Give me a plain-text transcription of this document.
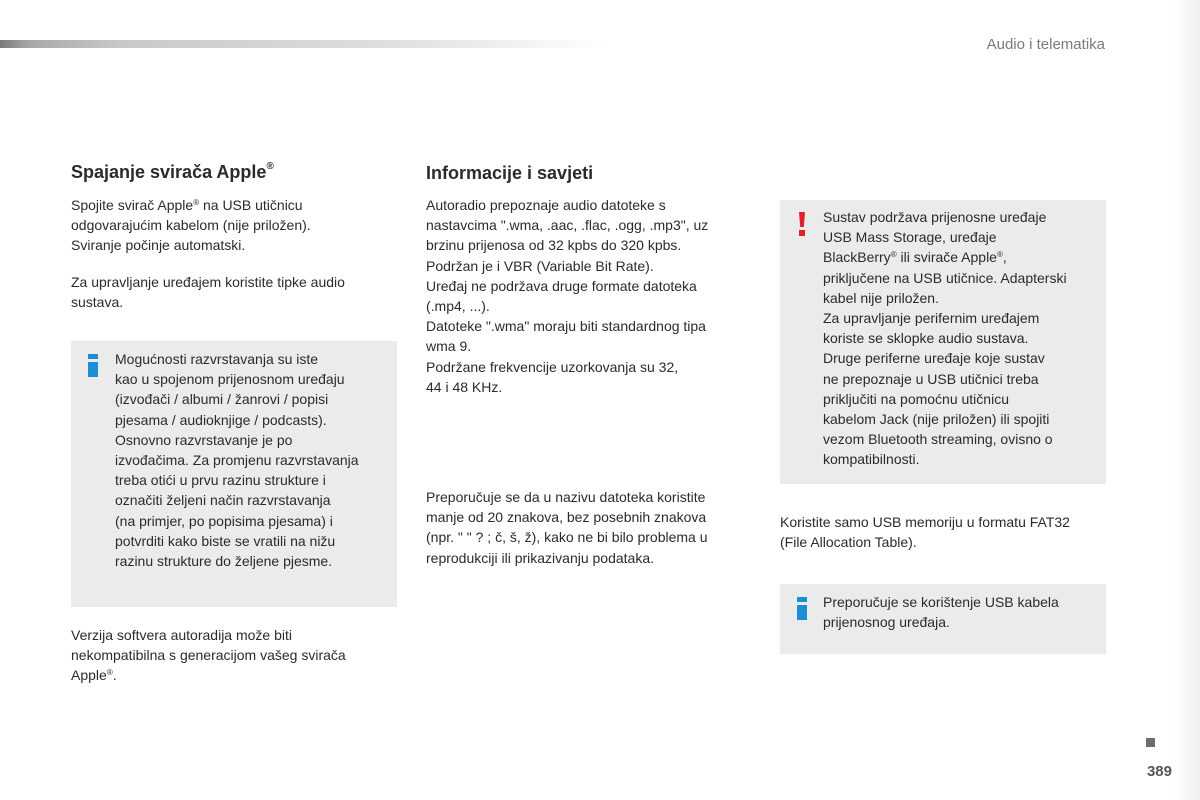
Audio i telematika

Spajanje svirača Apple®
Spojite svirač Apple® na USB utičnicu
odgovarajućim kabelom (nije priložen).
Sviranje počinje automatski.
Za upravljanje uređajem koristite tipke audio
sustava.
Mogućnosti razvrstavanja su iste
kao u spojenom prijenosnom uređaju
(izvođači / albumi / žanrovi / popisi
pjesama / audioknjige / podcasts).
Osnovno razvrstavanje je po
izvođačima. Za promjenu razvrstavanja
treba otići u prvu razinu strukture i
označiti željeni način razvrstavanja
(na primjer, po popisima pjesama) i
potvrditi kako biste se vratili na nižu
razinu strukture do željene pjesme.
Verzija softvera autoradija može biti
nekompatibilna s generacijom vašeg svirača
Apple®.
Informacije i savjeti
Autoradio prepoznaje audio datoteke s
nastavcima ".wma, .aac, .flac, .ogg, .mp3", uz
brzinu prijenosa od 32 kpbs do 320 kpbs.
Podržan je i VBR (Variable Bit Rate).
Uređaj ne podržava druge formate datoteka
(.mp4, ...).
Datoteke ".wma" moraju biti standardnog tipa
wma 9.
Podržane frekvencije uzorkovanja su 32,
44 i 48 KHz.
Preporučuje se da u nazivu datoteka koristite
manje od 20 znakova, bez posebnih znakova
(npr. " " ? ; č, š, ž), kako ne bi bilo problema u
reprodukciji ili prikazivanju podataka.
Sustav podržava prijenosne uređaje
USB Mass Storage, uređaje
BlackBerry® ili svirače Apple®,
priključene na USB utičnice. Adapterski
kabel nije priložen.
Za upravljanje perifernim uređajem
koriste se sklopke audio sustava.
Druge periferne uređaje koje sustav
ne prepoznaje u USB utičnici treba
priključiti na pomoćnu utičnicu
kabelom Jack (nije priložen) ili spojiti
vezom Bluetooth streaming, ovisno o
kompatibilnosti.
Koristite samo USB memoriju u formatu FAT32
(File Allocation Table).
Preporučuje se korištenje USB kabela
prijenosnog uređaja.

389
